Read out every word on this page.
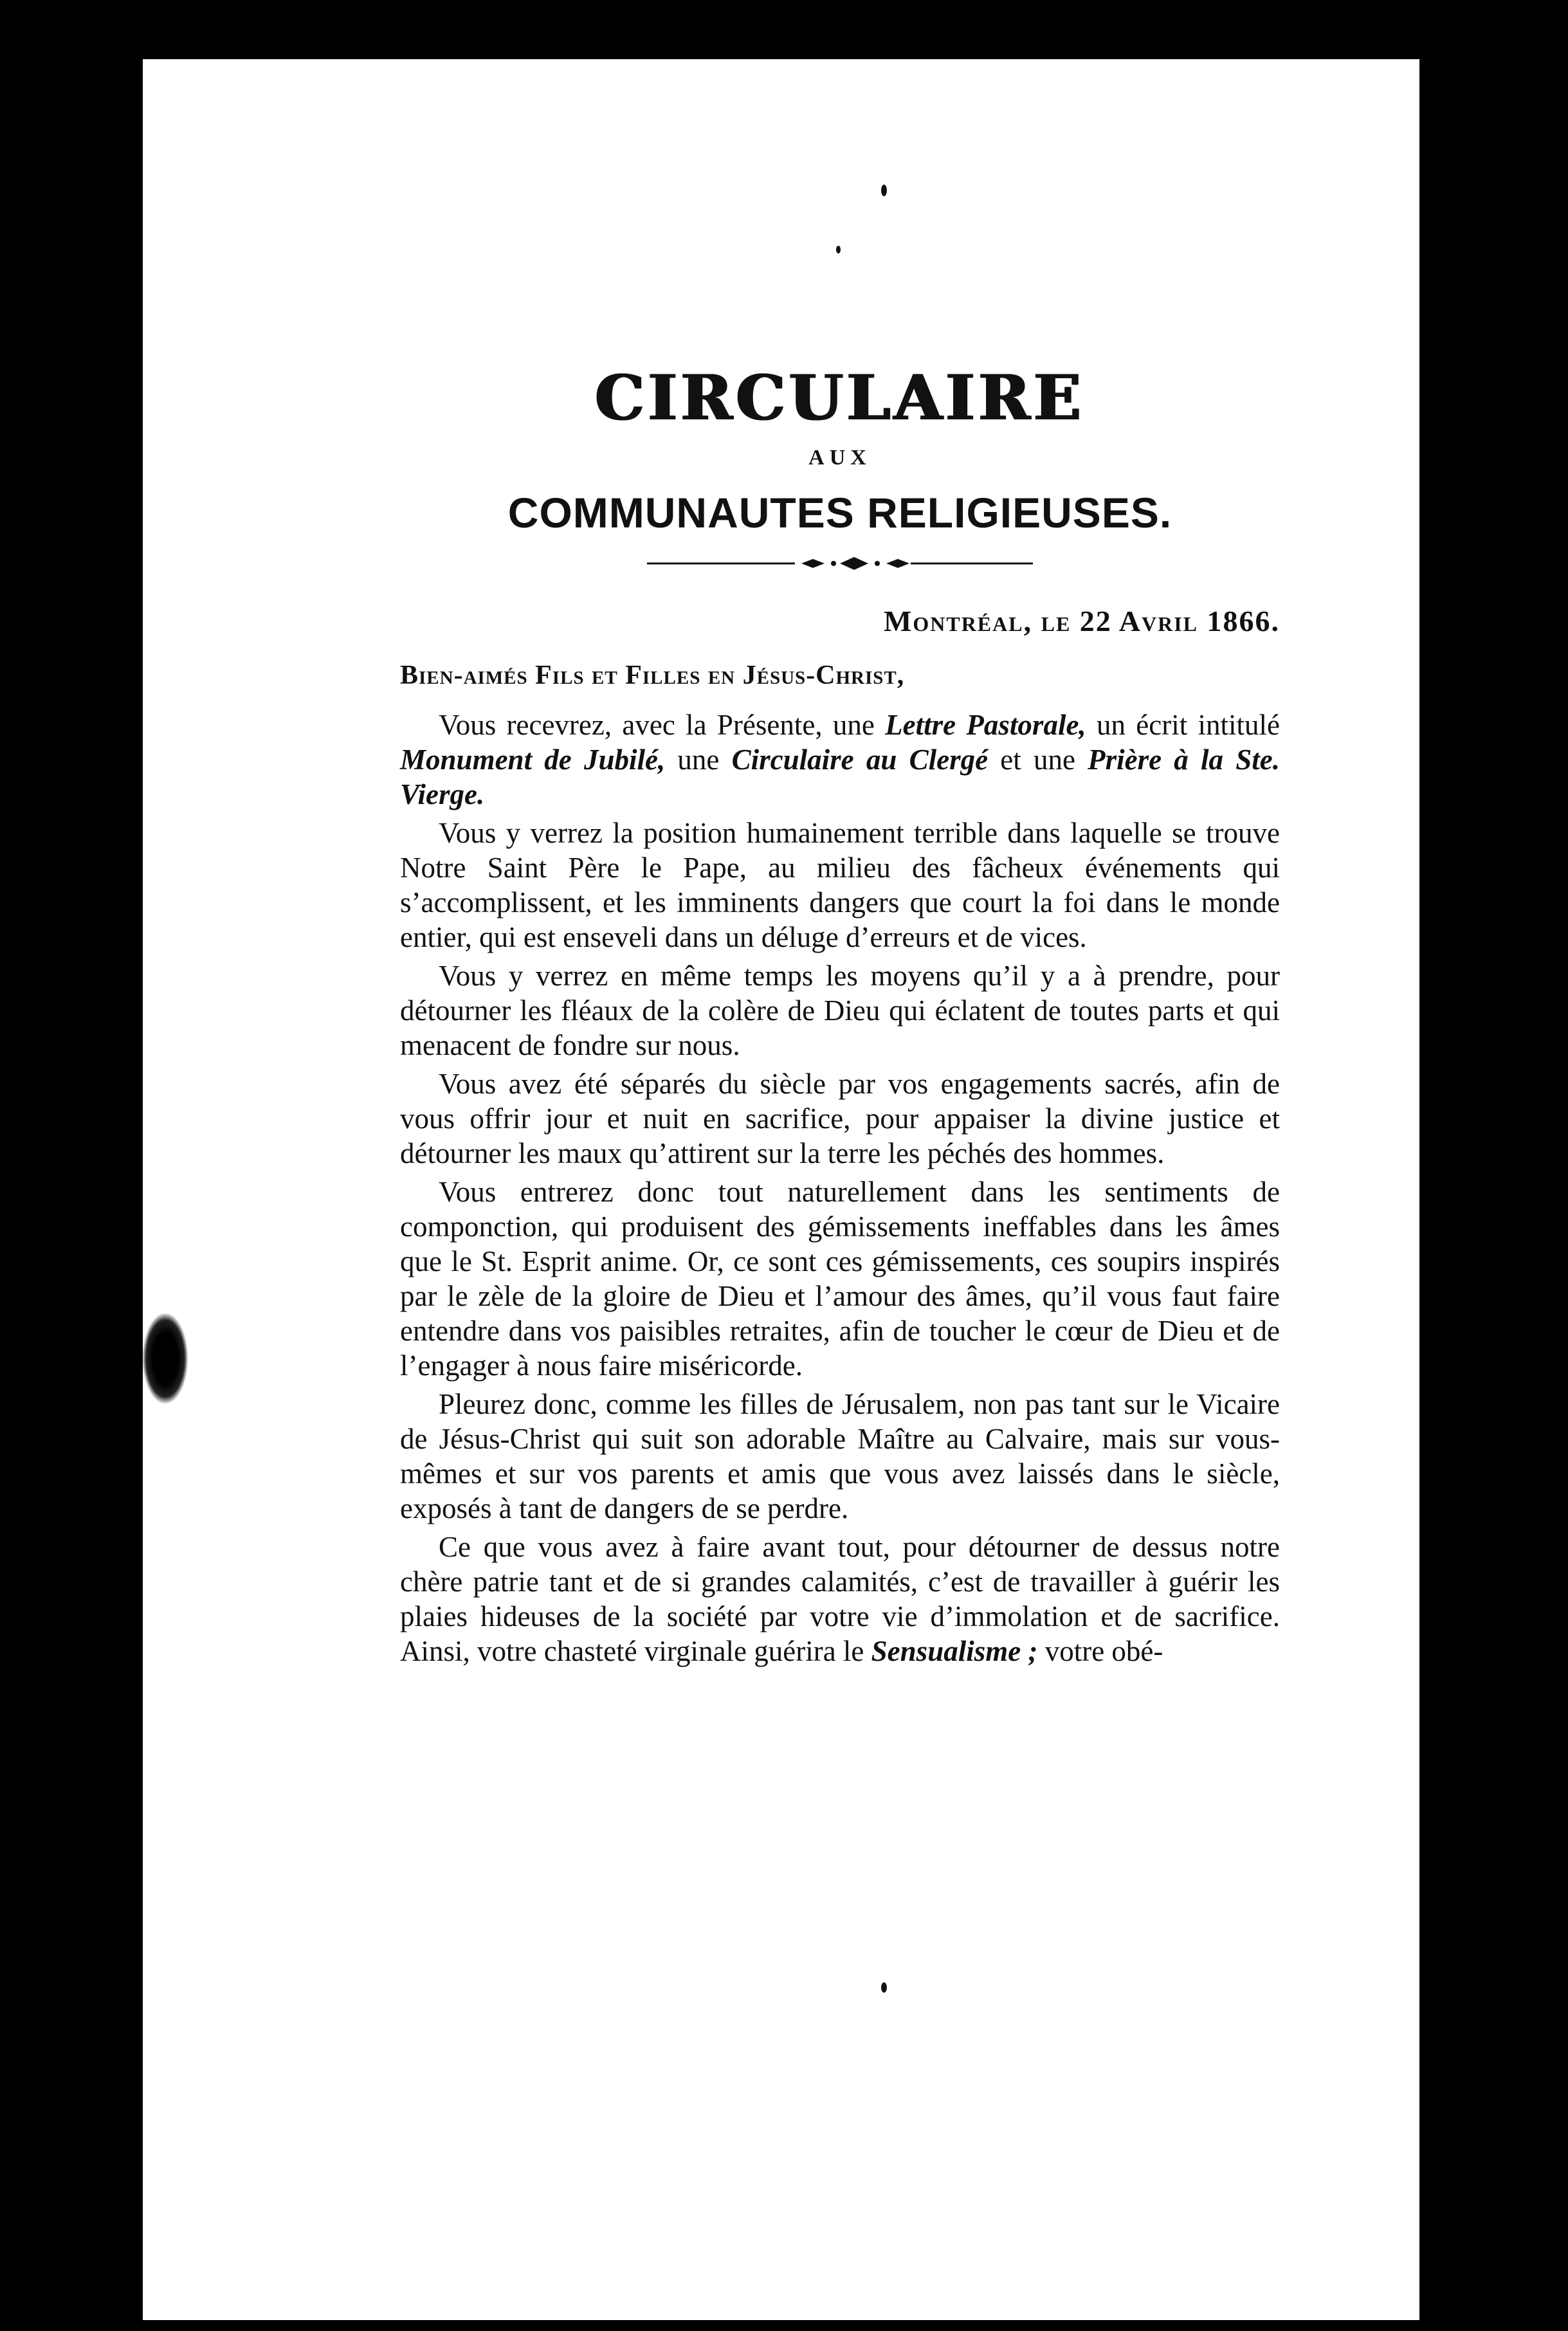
CIRCULAIRE
AUX
COMMUNAUTES RELIGIEUSES.
Montréal, le 22 Avril 1866.
Bien-aimés Fils et Filles en Jésus-Christ,

Vous recevrez, avec la Présente, une Lettre Pastorale, un écrit intitulé Monument de Jubilé, une Circulaire au Clergé et une Prière à la Ste. Vierge.

Vous y verrez la position humainement terrible dans laquelle se trouve Notre Saint Père le Pape, au milieu des fâcheux événements qui s’accomplissent, et les imminents dangers que court la foi dans le monde entier, qui est enseveli dans un déluge d’erreurs et de vices.

Vous y verrez en même temps les moyens qu’il y a à prendre, pour détourner les fléaux de la colère de Dieu qui éclatent de toutes parts et qui menacent de fondre sur nous.

Vous avez été séparés du siècle par vos engagements sacrés, afin de vous offrir jour et nuit en sacrifice, pour appaiser la divine justice et détourner les maux qu’attirent sur la terre les péchés des hommes.

Vous entrerez donc tout naturellement dans les sentiments de componction, qui produisent des gémissements ineffables dans les âmes que le St. Esprit anime. Or, ce sont ces gémissements, ces soupirs inspirés par le zèle de la gloire de Dieu et l’amour des âmes, qu’il vous faut faire entendre dans vos paisibles retraites, afin de toucher le cœur de Dieu et de l’engager à nous faire miséricorde.

Pleurez donc, comme les filles de Jérusalem, non pas tant sur le Vicaire de Jésus-Christ qui suit son adorable Maître au Calvaire, mais sur vous-mêmes et sur vos parents et amis que vous avez laissés dans le siècle, exposés à tant de dangers de se perdre.

Ce que vous avez à faire avant tout, pour détourner de dessus notre chère patrie tant et de si grandes calamités, c’est de travailler à guérir les plaies hideuses de la société par votre vie d’immolation et de sacrifice. Ainsi, votre chasteté virginale guérira le Sensualisme ; votre obé-
